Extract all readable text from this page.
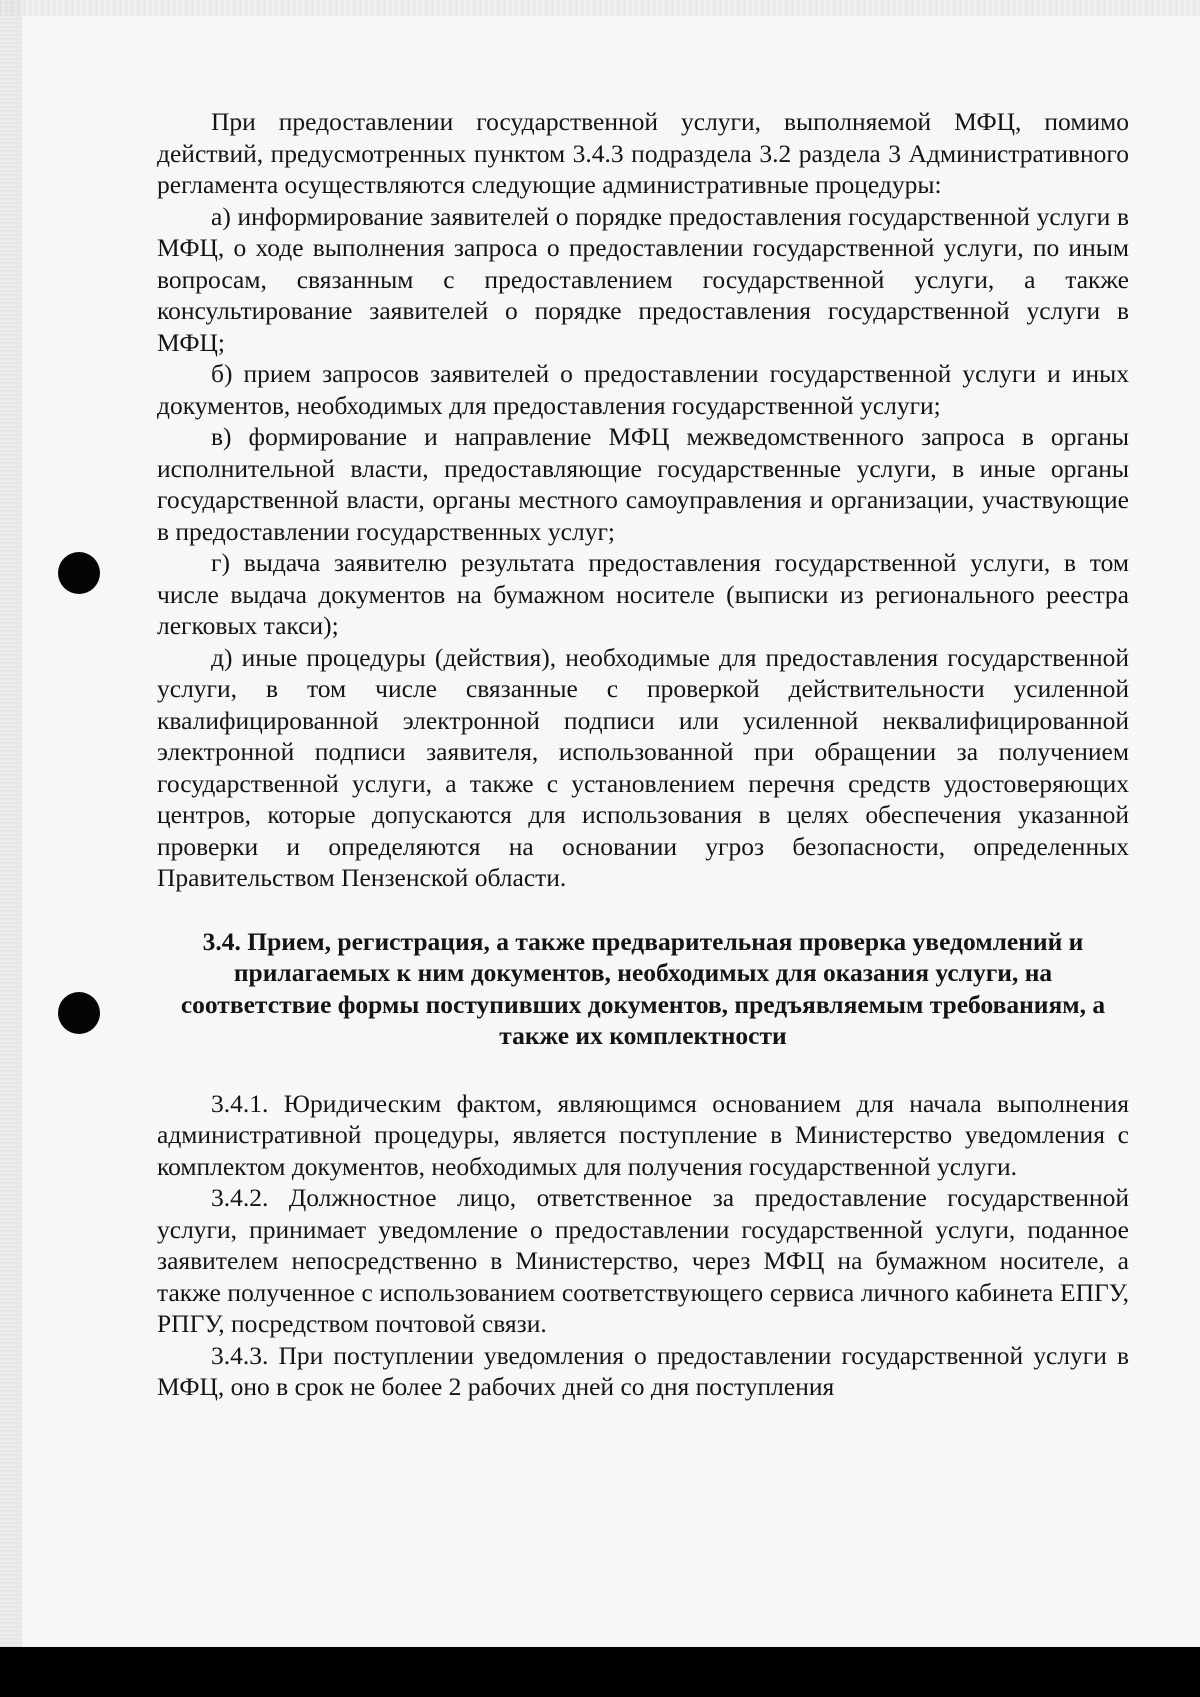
При предоставлении государственной услуги, выполняемой МФЦ, помимо действий, предусмотренных пунктом 3.4.3 подраздела 3.2 раздела 3 Административного регламента осуществляются следующие административные процедуры:

а) информирование заявителей о порядке предоставления государственной услуги в МФЦ, о ходе выполнения запроса о предоставлении государственной услуги, по иным вопросам, связанным с предоставлением государственной услуги, а также консультирование заявителей о порядке предоставления государственной услуги в МФЦ;

б) прием запросов заявителей о предоставлении государственной услуги и иных документов, необходимых для предоставления государственной услуги;

в) формирование и направление МФЦ межведомственного запроса в органы исполнительной власти, предоставляющие государственные услуги, в иные органы государственной власти, органы местного самоуправления и организации, участвующие в предоставлении государственных услуг;

г) выдача заявителю результата предоставления государственной услуги, в том числе выдача документов на бумажном носителе (выписки из регионального реестра легковых такси);

д) иные процедуры (действия), необходимые для предоставления государственной услуги, в том числе связанные с проверкой действительности усиленной квалифицированной электронной подписи или усиленной неквалифицированной электронной подписи заявителя, использованной при обращении за получением государственной услуги, а также с установлением перечня средств удостоверяющих центров, которые допускаются для использования в целях обеспечения указанной проверки и определяются на основании угроз безопасности, определенных Правительством Пензенской области.

3.4. Прием, регистрация, а также предварительная проверка уведомлений и прилагаемых к ним документов, необходимых для оказания услуги, на соответствие формы поступивших документов, предъявляемым требованиям, а также их комплектности

3.4.1. Юридическим фактом, являющимся основанием для начала выполнения административной процедуры, является поступление в Министерство уведомления с комплектом документов, необходимых для получения государственной услуги.

3.4.2. Должностное лицо, ответственное за предоставление государственной услуги, принимает уведомление о предоставлении государственной услуги, поданное заявителем непосредственно в Министерство, через МФЦ на бумажном носителе, а также полученное с использованием соответствующего сервиса личного кабинета ЕПГУ, РПГУ, посредством почтовой связи.

3.4.3. При поступлении уведомления о предоставлении государственной услуги в МФЦ, оно в срок не более 2 рабочих дней со дня поступления
